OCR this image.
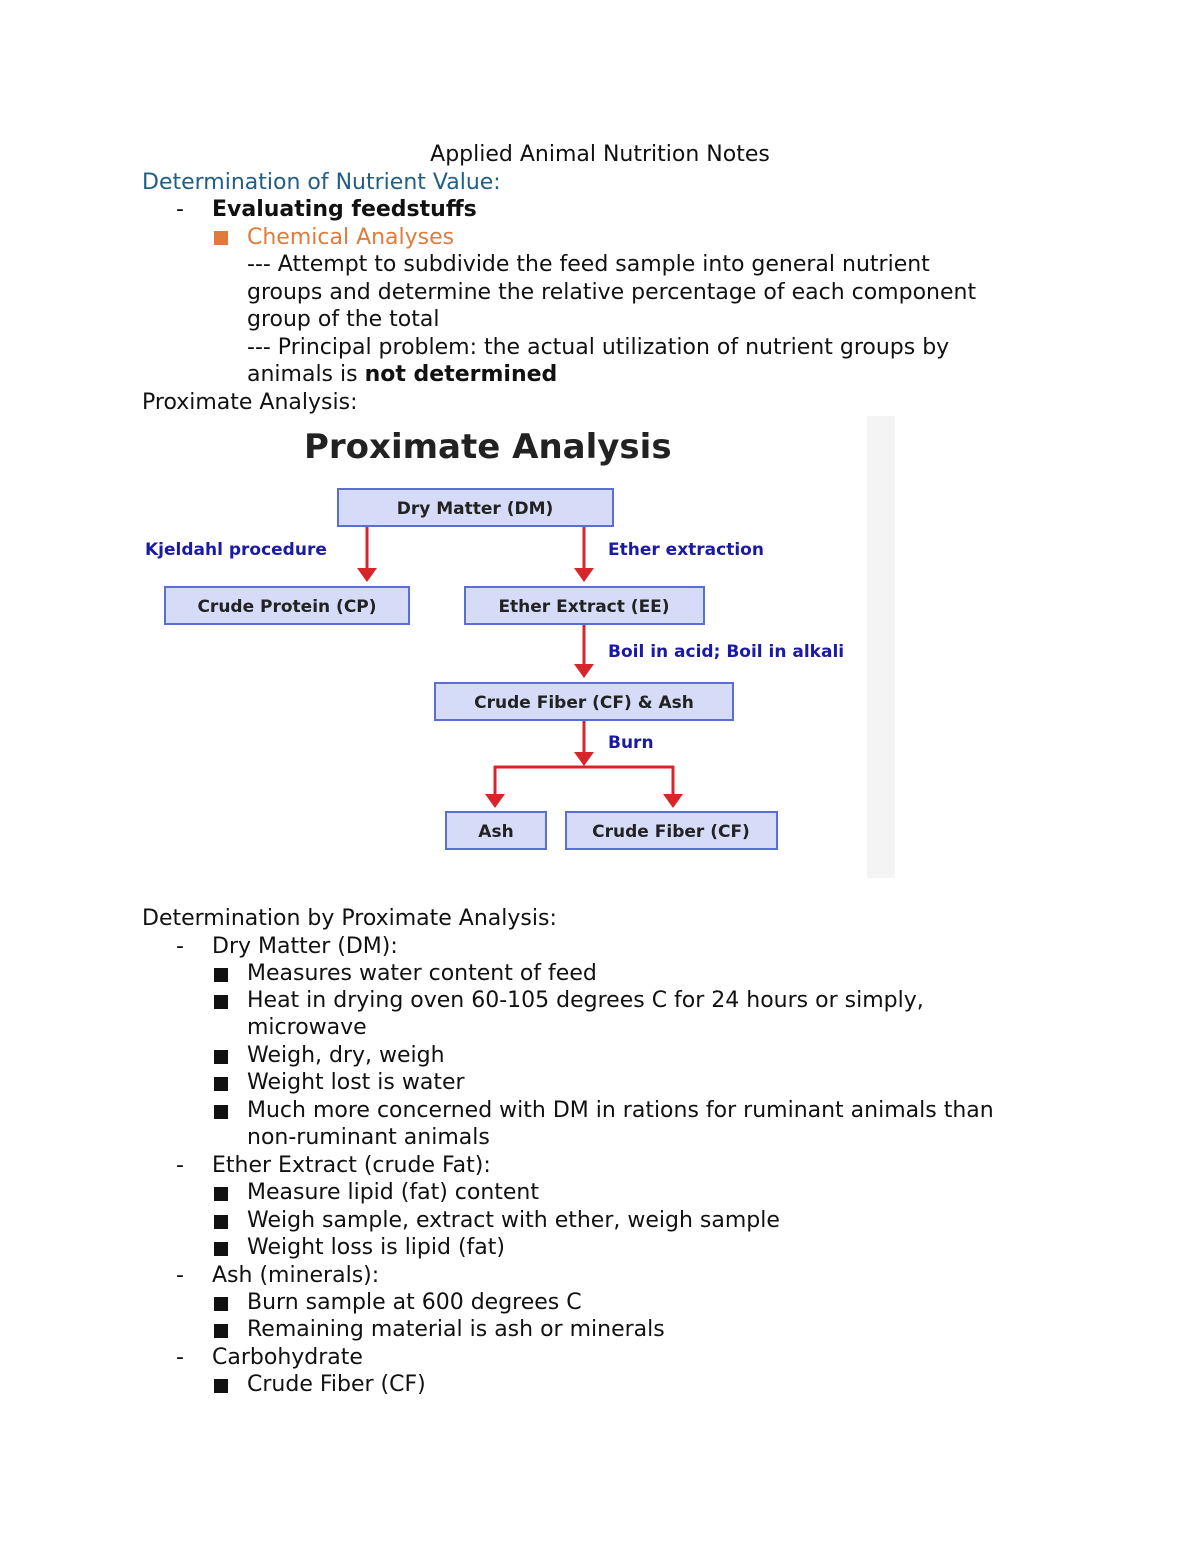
Applied Animal Nutrition Notes
Determination of Nutrient Value:
- Evaluating feedstuffs
Chemical Analyses
--- Attempt to subdivide the feed sample into general nutrient
groups and determine the relative percentage of each component
group of the total
--- Principal problem: the actual utilization of nutrient groups by
animals is not determined
Proximate Analysis:
Proximate Analysis
Dry Matter (DM)
Crude Protein (CP)	Ether Extract (EE)
Crude Fiber (CF) & Ash
Ash	Crude Fiber (CF)
Kjeldahl procedure	Ether extraction
Boil in acid; Boil in alkali
Burn
Determination by Proximate Analysis:
- Dry Matter (DM):
Measures water content of feed
Heat in drying oven 60-105 degrees C for 24 hours or simply,
microwave
Weigh, dry, weigh
Weight lost is water
Much more concerned with DM in rations for ruminant animals than
non-ruminant animals
- Ether Extract (crude Fat):
Measure lipid (fat) content
Weigh sample, extract with ether, weigh sample
Weight loss is lipid (fat)
- Ash (minerals):
Burn sample at 600 degrees C
Remaining material is ash or minerals
- Carbohydrate
Crude Fiber (CF)
